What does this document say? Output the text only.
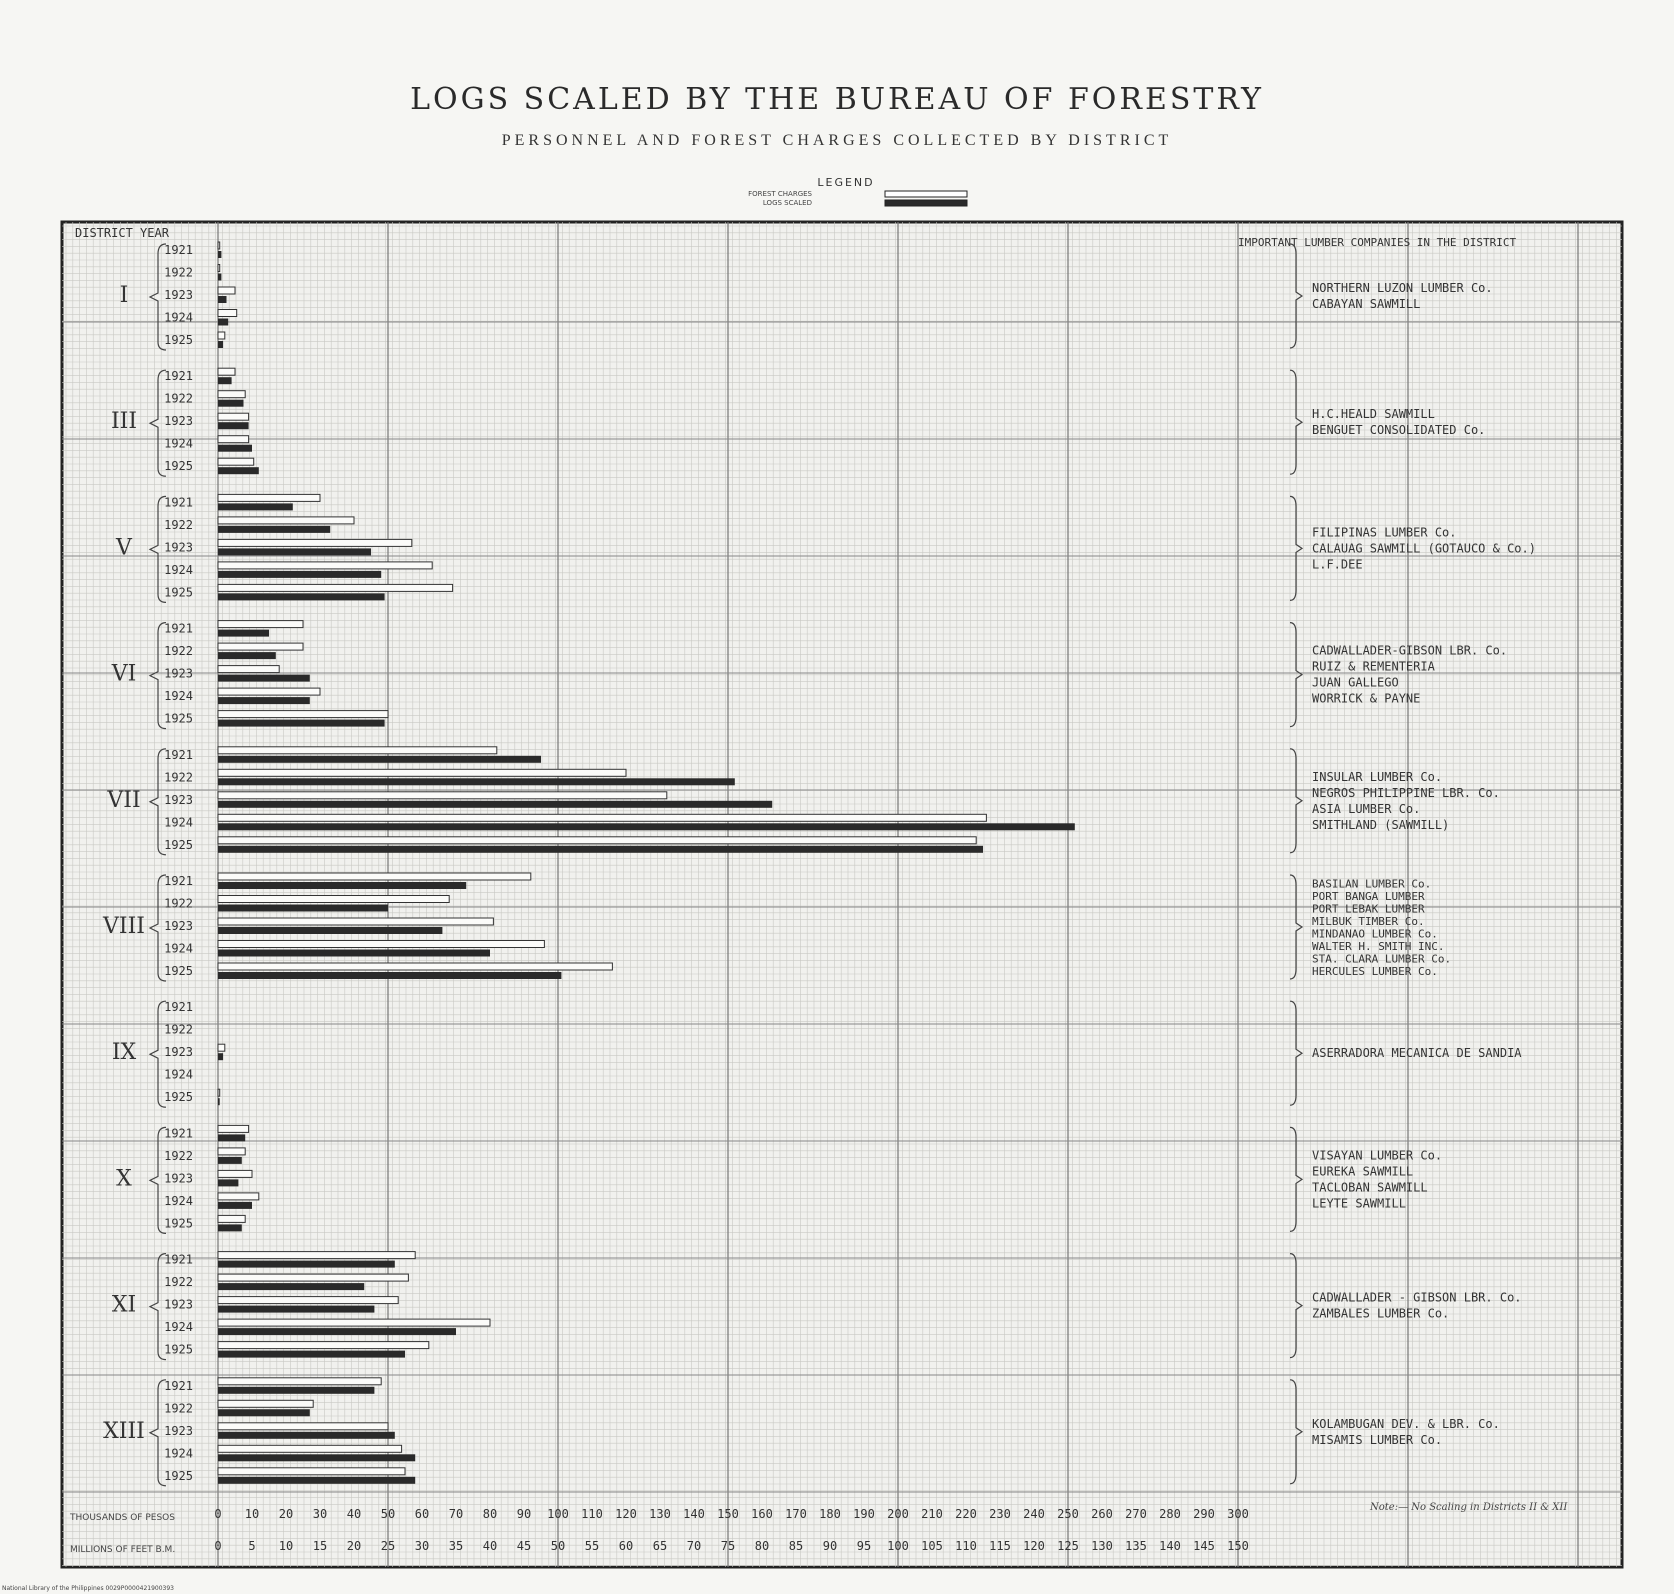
LOGS SCALED BY THE BUREAU OF FORESTRY
PERSONNEL AND FOREST CHARGES COLLECTED BY DISTRICT
LEGEND
FOREST CHARGES
LOGS SCALED
DISTRICT YEAR
IMPORTANT LUMBER COMPANIES IN THE DISTRICT
I
1921
1922
1923
1924
1925
NORTHERN LUZON LUMBER Co.
CABAYAN SAWMILL
III
1921
1922
1923
1924
1925
H.C.HEALD SAWMILL
BENGUET CONSOLIDATED Co.
V
1921
1922
1923
1924
1925
FILIPINAS LUMBER Co.
CALAUAG SAWMILL (GOTAUCO & Co.)
L.F.DEE
VI
1921
1922
1923
1924
1925
CADWALLADER-GIBSON LBR. Co.
RUIZ & REMENTERIA
JUAN GALLEGO
WORRICK & PAYNE
VII
1921
1922
1923
1924
1925
INSULAR LUMBER Co.
NEGROS PHILIPPINE LBR. Co.
ASIA LUMBER Co.
SMITHLAND (SAWMILL)
VIII
1921
1922
1923
1924
1925
BASILAN LUMBER Co.
PORT BANGA LUMBER
PORT LEBAK LUMBER
MILBUK TIMBER Co.
MINDANAO LUMBER Co.
WALTER H. SMITH INC.
STA. CLARA LUMBER Co.
HERCULES LUMBER Co.
IX
1921
1922
1923
1924
1925
ASERRADORA MECANICA DE SANDIA
X
1921
1922
1923
1924
1925
VISAYAN LUMBER Co.
EUREKA SAWMILL
TACLOBAN SAWMILL
LEYTE SAWMILL
XI
1921
1922
1923
1924
1925
CADWALLADER - GIBSON LBR. Co.
ZAMBALES LUMBER Co.
XIII
1921
1922
1923
1924
1925
KOLAMBUGAN DEV. & LBR. Co.
MISAMIS LUMBER Co.
THOUSANDS OF PESOS
MILLIONS OF FEET B.M.
0 10 20 30 40 50 60 70 80 90 100 110 120 130 140 150 160 170 180 190 200 210 220 230 240 250 260 270 280 290 300
0 5 10 15 20 25 30 35 40 45 50 55 60 65 70 75 80 85 90 95 100 105 110 115 120 125 130 135 140 145 150
Note:— No Scaling in Districts II & XII
National Library of the Philippines 0029P0000421900393
